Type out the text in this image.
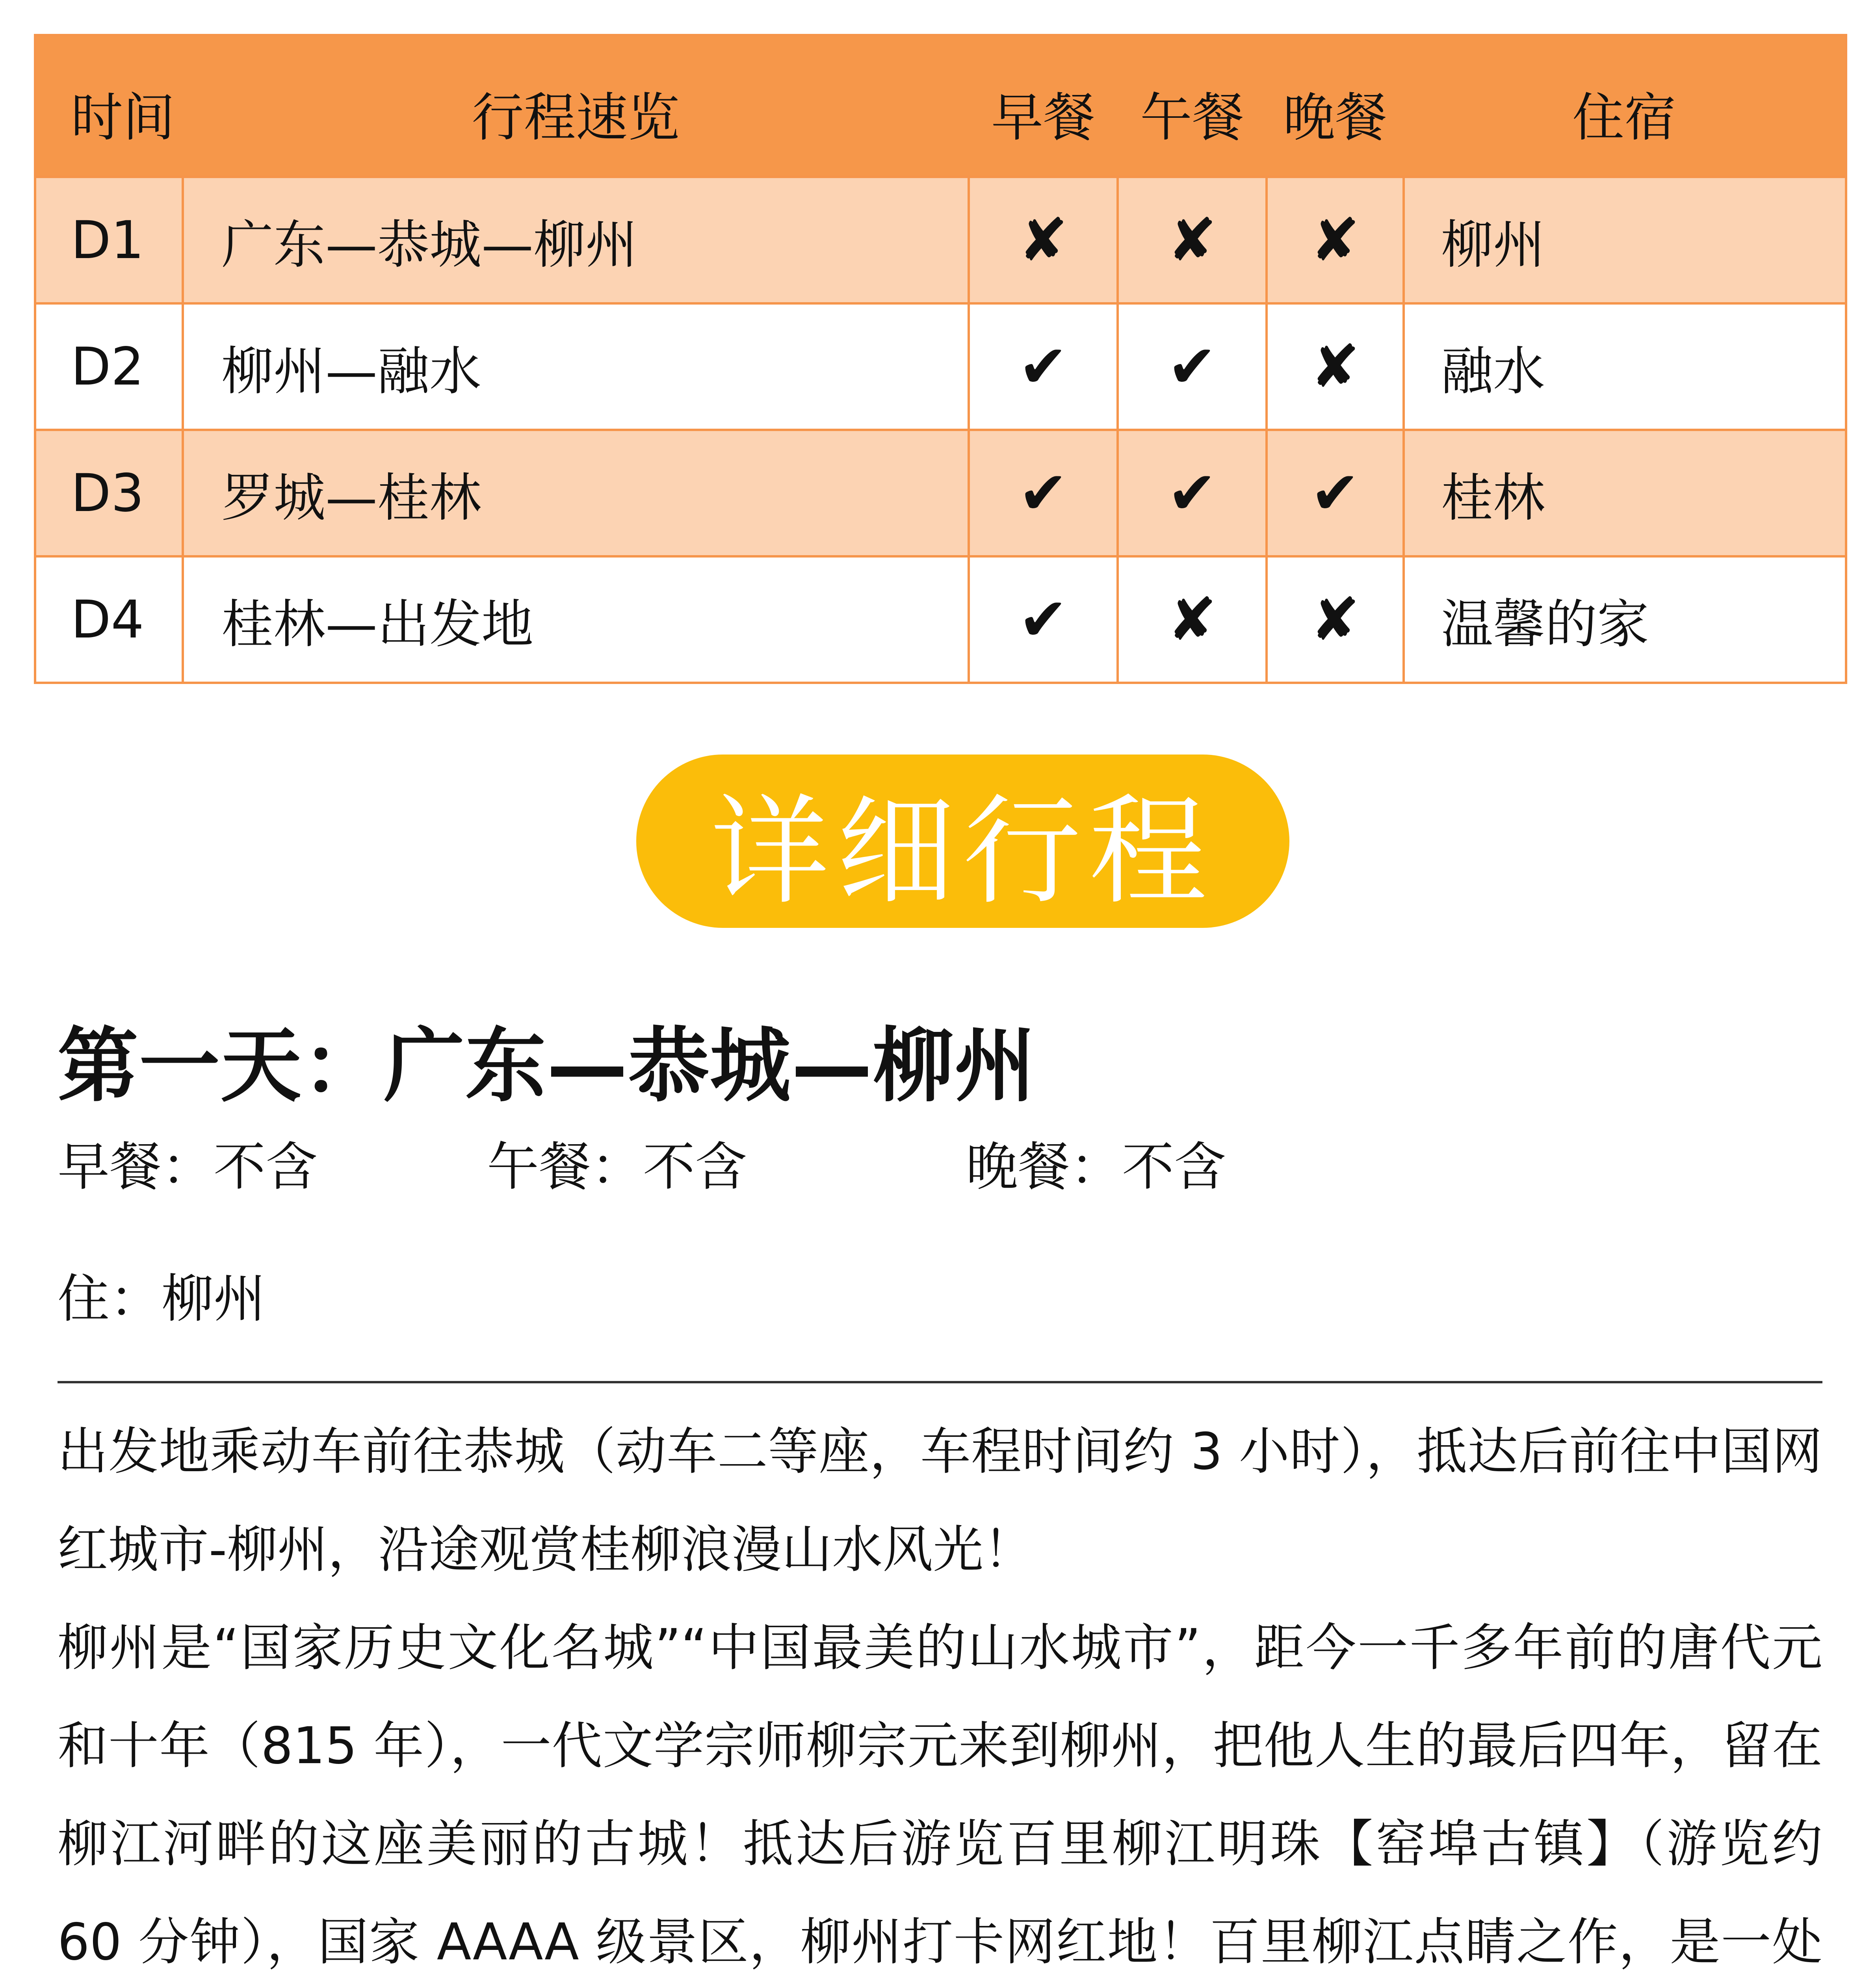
时间	行程速览	早餐	午餐	晚餐	住宿
D1	广东—恭城—柳州	✘	✘	✘	柳州
D2	柳州—融水	✔	✔	✘	融水
D3	罗城—桂林	✔	✔	✔	桂林
D4	桂林—出发地	✔	✘	✘	温馨的家
详细行程
第一天：广东—恭城—柳州
早餐：不含	午餐：不含	晚餐：不含
住：柳州

出发地乘动车前往恭城（动车二等座，车程时间约 3 小时），抵达后前往中国网红城市-柳州，沿途观赏桂柳浪漫山水风光！

柳州是“国家历史文化名城”“中国最美的山水城市”，距今一千多年前的唐代元和十年（815 年），一代文学宗师柳宗元来到柳州，把他人生的最后四年，留在柳江河畔的这座美丽的古城！抵达后游览百里柳江明珠【窑埠古镇】（游览约 60 分钟），国家 AAAA 级景区，柳州打卡网红地！百里柳江点睛之作，是一处
